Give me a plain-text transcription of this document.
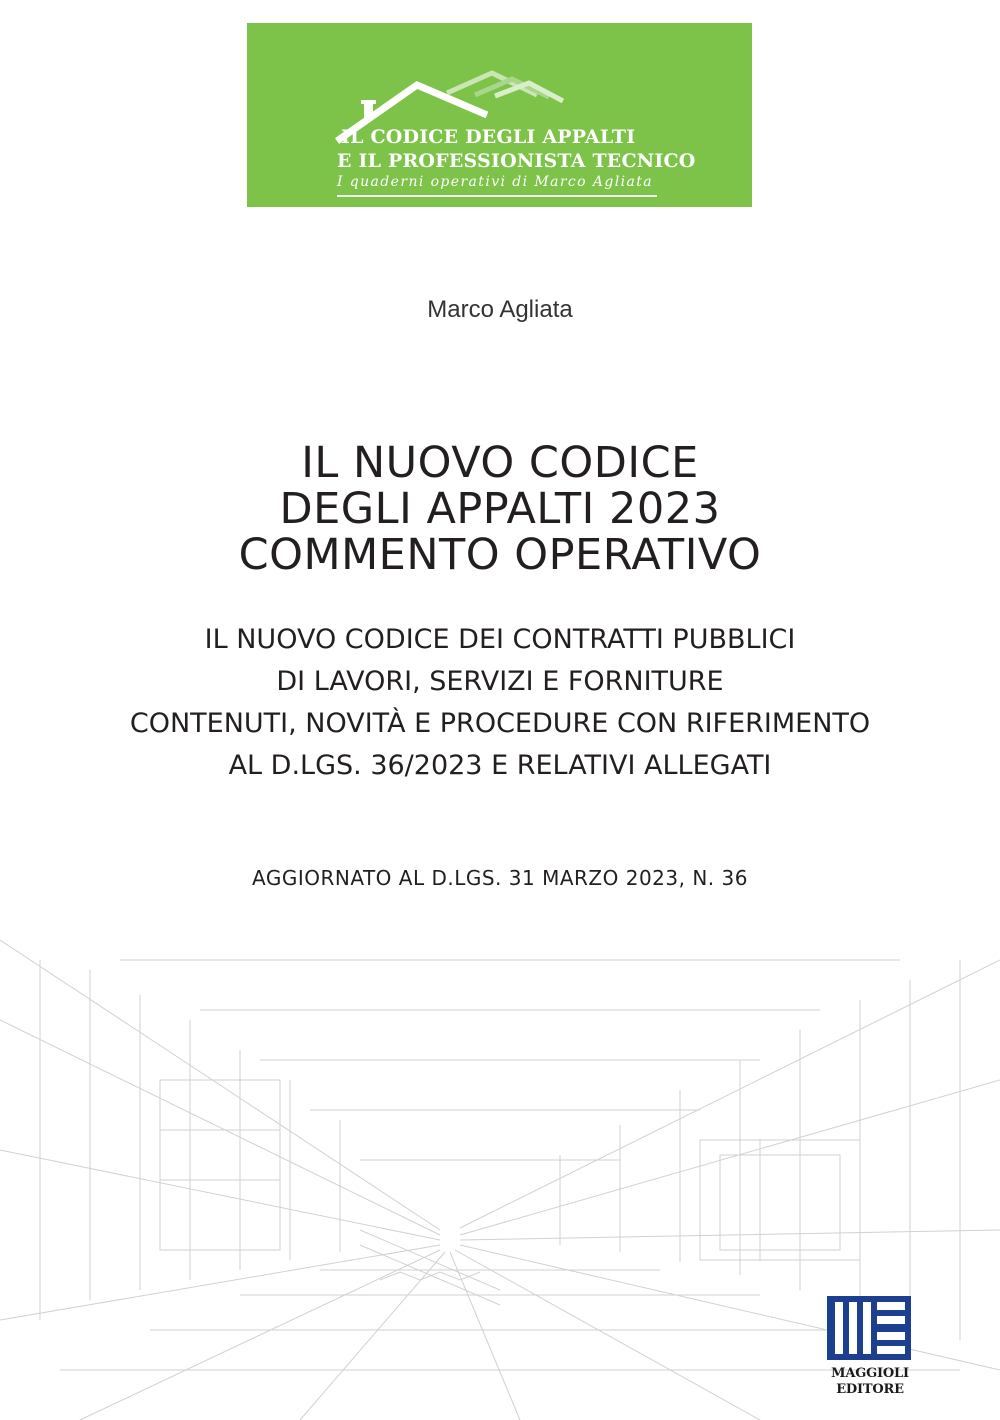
IL CODICE DEGLI APPALTI
E IL PROFESSIONISTA TECNICO
I quaderni operativi di Marco Agliata
Marco Agliata
IL NUOVO CODICE
DEGLI APPALTI 2023
COMMENTO OPERATIVO
IL NUOVO CODICE DEI CONTRATTI PUBBLICI
DI LAVORI, SERVIZI E FORNITURE
CONTENUTI, NOVITÀ E PROCEDURE CON RIFERIMENTO
AL D.LGS. 36/2023 E RELATIVI ALLEGATI
AGGIORNATO AL D.LGS. 31 MARZO 2023, N. 36
MAGGIOLI
EDITORE
